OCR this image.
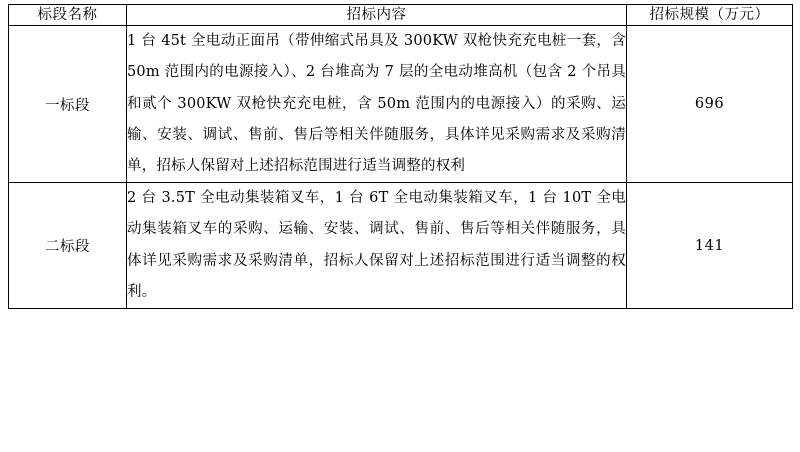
标段名称	招标内容	招标规模（万元）
一标段	1 台 45t 全电动正面吊（带伸缩式吊具及 300KW 双枪快充充电桩一套，含 50m 范围内的电源接入）、2 台堆高为 7 层的全电动堆高机（包含 2 个吊具和贰个 300KW 双枪快充充电桩，含 50m 范围内的电源接入）的采购、运输、安装、调试、售前、售后等相关伴随服务，具体详见采购需求及采购清单，招标人保留对上述招标范围进行适当调整的权利	696
二标段	2 台 3.5T 全电动集装箱叉车，1 台 6T 全电动集装箱叉车，1 台 10T 全电动集装箱叉车的采购、运输、安装、调试、售前、售后等相关伴随服务，具体详见采购需求及采购清单，招标人保留对上述招标范围进行适当调整的权利。	141
